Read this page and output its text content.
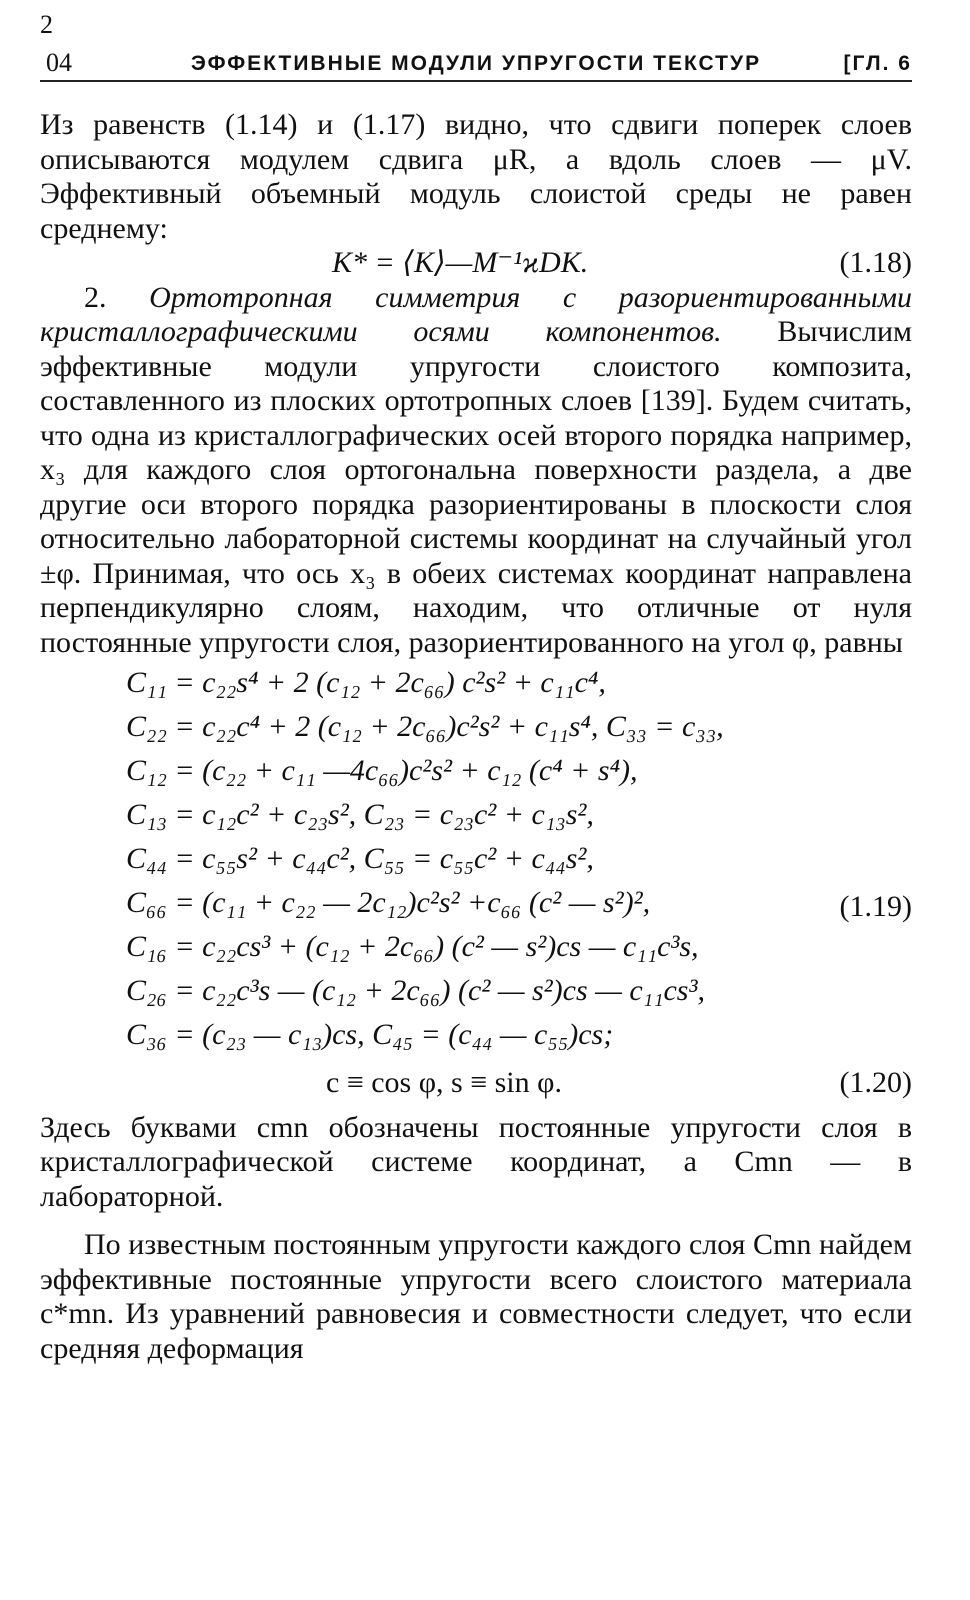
2
04	ЭФФЕКТИВНЫЕ МОДУЛИ УПРУГОСТИ ТЕКСТУР	[ГЛ. 6

Из равенств (1.14) и (1.17) видно, что сдвиги поперек слоев описываются модулем сдвига μR, а вдоль слоев — μV. Эффективный объемный модуль слоистой среды не равен среднему:

K* = ⟨K⟩—M⁻¹ϰDK.	(1.18)

2. Ортотропная симметрия с разориентированными кристаллографическими осями компонентов. Вычислим эффективные модули упругости слоистого композита, составленного из плоских ортотропных слоев [139]. Будем считать, что одна из кристаллографических осей второго порядка например, x₃ для каждого слоя ортогональна поверхности раздела, а две другие оси второго порядка разориентированы в плоскости слоя относительно лабораторной системы координат на случайный угол ±φ. Принимая, что ось x₃ в обеих системах координат направлена перпендикулярно слоям, находим, что отличные от нуля постоянные упругости слоя, разориентированного на угол φ, равны

C₁₁ = c₂₂s⁴ + 2 (c₁₂ + 2c₆₆) c²s² + c₁₁c⁴,
C₂₂ = c₂₂c⁴ + 2 (c₁₂ + 2c₆₆)c²s² + c₁₁s⁴, C₃₃ = c₃₃,
C₁₂ = (c₂₂ + c₁₁ —4c₆₆)c²s² + c₁₂ (c⁴ + s⁴),
C₁₃ = c₁₂c² + c₂₃s², C₂₃ = c₂₃c² + c₁₃s²,
C₄₄ = c₅₅s² + c₄₄c², C₅₅ = c₅₅c² + c₄₄s²,
C₆₆ = (c₁₁ + c₂₂ — 2c₁₂)c²s² +c₆₆ (c² — s²)²,
C₁₆ = c₂₂cs³ + (c₁₂ + 2c₆₆) (c² — s²)cs — c₁₁c³s,
C₂₆ = c₂₂c³s — (c₁₂ + 2c₆₆) (c² — s²)cs — c₁₁cs³,
C₃₆ = (c₂₃ — c₁₃)cs, C₄₅ = (c₄₄ — c₅₅)cs;
(1.19)
c ≡ cos φ, s ≡ sin φ.	(1.20)

Здесь буквами cmn обозначены постоянные упругости слоя в кристаллографической системе координат, а Cmn — в лабораторной.

По известным постоянным упругости каждого слоя Cmn найдем эффективные постоянные упругости всего слоистого материала c*mn. Из уравнений равновесия и совместности следует, что если средняя деформация
